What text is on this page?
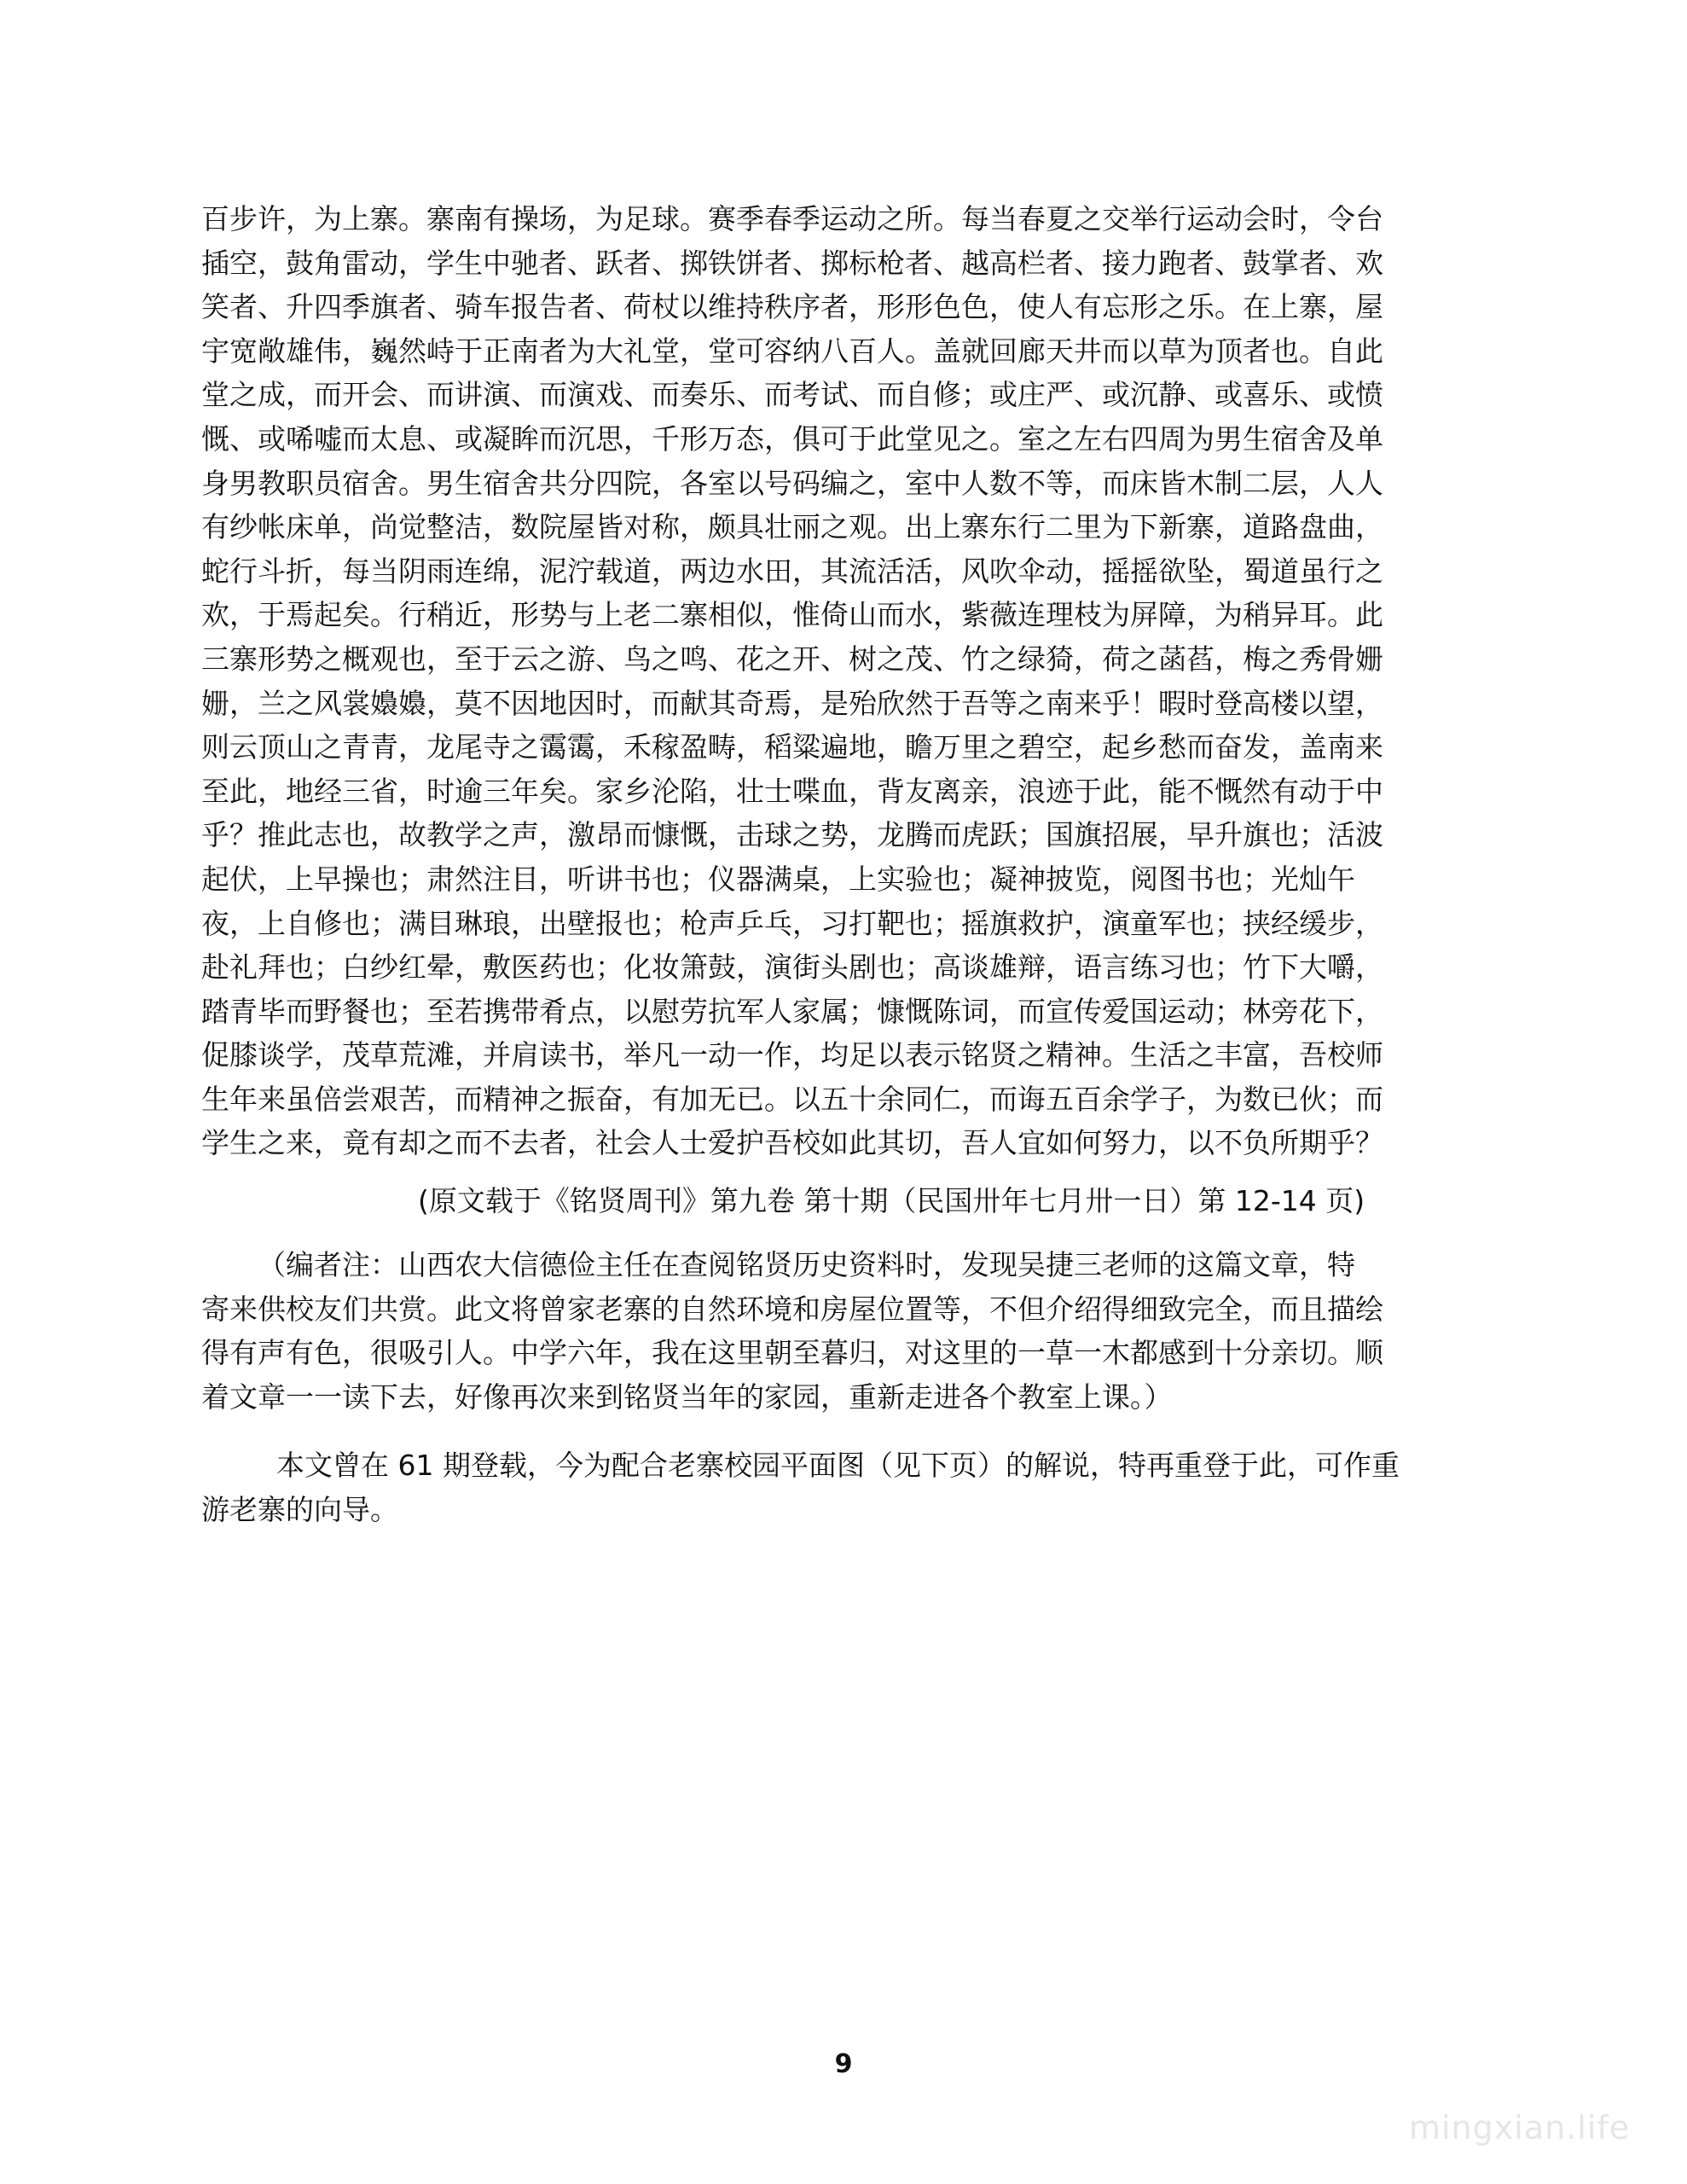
百步许，为上寨。寨南有操场，为足球。赛季春季运动之所。每当春夏之交举行运动会时，令台
插空，鼓角雷动，学生中驰者、跃者、掷铁饼者、掷标枪者、越高栏者、接力跑者、鼓掌者、欢
笑者、升四季旗者、骑车报告者、荷杖以维持秩序者，形形色色，使人有忘形之乐。在上寨，屋
宇宽敞雄伟，巍然峙于正南者为大礼堂，堂可容纳八百人。盖就回廊天井而以草为顶者也。自此
堂之成，而开会、而讲演、而演戏、而奏乐、而考试、而自修；或庄严、或沉静、或喜乐、或愤
慨、或唏嘘而太息、或凝眸而沉思，千形万态，俱可于此堂见之。室之左右四周为男生宿舍及单
身男教职员宿舍。男生宿舍共分四院，各室以号码编之，室中人数不等，而床皆木制二层，人人
有纱帐床单，尚觉整洁，数院屋皆对称，颇具壮丽之观。出上寨东行二里为下新寨，道路盘曲，
蛇行斗折，每当阴雨连绵，泥泞载道，两边水田，其流活活，风吹伞动，摇摇欲坠，蜀道虽行之
欢，于焉起矣。行稍近，形势与上老二寨相似，惟倚山而水，紫薇连理枝为屏障，为稍异耳。此
三寨形势之概观也，至于云之游、鸟之鸣、花之开、树之茂、竹之绿猗，荷之菡萏，梅之秀骨姗
姗，兰之风裳嬝嬝，莫不因地因时，而献其奇焉，是殆欣然于吾等之南来乎！暇时登高楼以望，
则云顶山之青青，龙尾寺之霭霭，禾稼盈畴，稻粱遍地，瞻万里之碧空，起乡愁而奋发，盖南来
至此，地经三省，时逾三年矣。家乡沦陷，壮士喋血，背友离亲，浪迹于此，能不慨然有动于中
乎？推此志也，故教学之声，激昂而慷慨，击球之势，龙腾而虎跃；国旗招展，早升旗也；活波
起伏，上早操也；肃然注目，听讲书也；仪器满桌，上实验也；凝神披览，阅图书也；光灿午
夜，上自修也；满目琳琅，出壁报也；枪声乒乓，习打靶也；摇旗救护，演童军也；挟经缓步，
赴礼拜也；白纱红晕，敷医药也；化妆箫鼓，演街头剧也；高谈雄辩，语言练习也；竹下大嚼，
踏青毕而野餐也；至若携带肴点，以慰劳抗军人家属；慷慨陈词，而宣传爱国运动；林旁花下，
促膝谈学，茂草荒滩，并肩读书，举凡一动一作，均足以表示铭贤之精神。生活之丰富，吾校师
生年来虽倍尝艰苦，而精神之振奋，有加无已。以五十余同仁，而诲五百余学子，为数已伙；而
学生之来，竟有却之而不去者，社会人士爱护吾校如此其切，吾人宜如何努力，以不负所期乎？
(原文载于《铭贤周刊》第九卷 第十期（民国卅年七月卅一日）第 12-14 页)
（编者注：山西农大信德俭主任在查阅铭贤历史资料时，发现吴捷三老师的这篇文章，特
寄来供校友们共赏。此文将曾家老寨的自然环境和房屋位置等，不但介绍得细致完全，而且描绘
得有声有色，很吸引人。中学六年，我在这里朝至暮归，对这里的一草一木都感到十分亲切。顺
着文章一一读下去，好像再次来到铭贤当年的家园，重新走进各个教室上课。）
本文曾在 61 期登载，今为配合老寨校园平面图（见下页）的解说，特再重登于此，可作重
游老寨的向导。
9
mingxian.life
